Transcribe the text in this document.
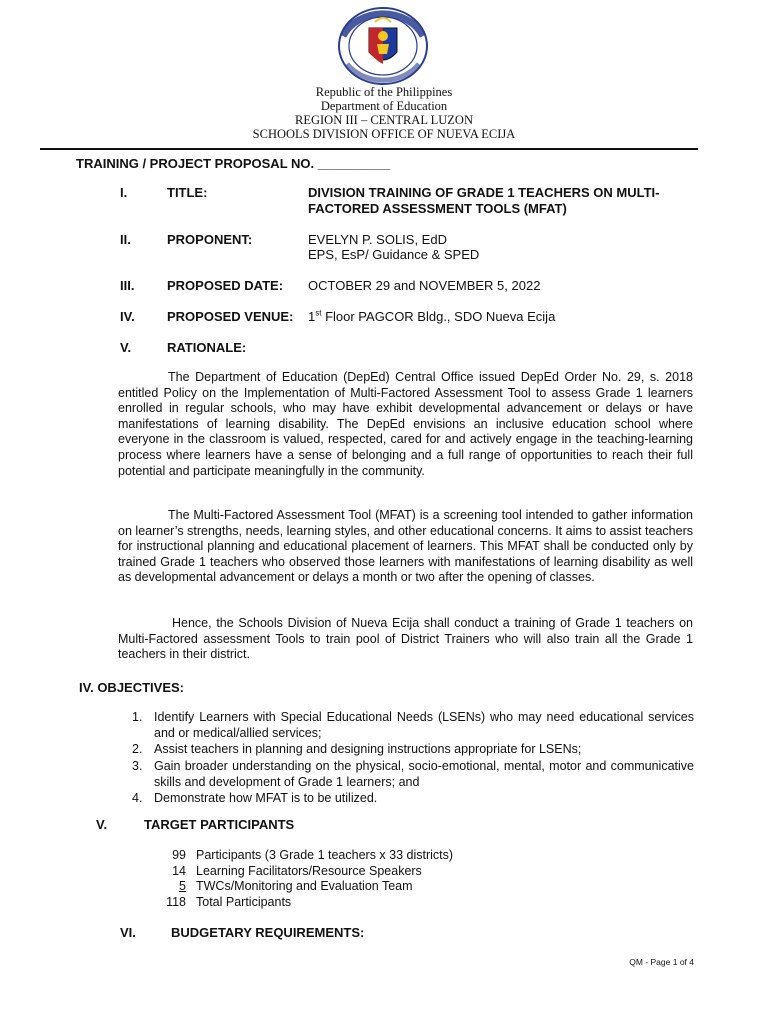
Republic of the Philippines
Department of Education
REGION III – CENTRAL LUZON
SCHOOLS DIVISION OFFICE OF NUEVA ECIJA
TRAINING / PROJECT PROPOSAL NO. __________
I.	TITLE:	DIVISION TRAINING OF GRADE 1 TEACHERS ON MULTI-
FACTORED ASSESSMENT TOOLS (MFAT)
II.	PROPONENT:	EVELYN P. SOLIS, EdD
EPS, EsP/ Guidance & SPED
III.	PROPOSED DATE: OCTOBER 29 and NOVEMBER 5, 2022
IV. PROPOSED VENUE: 1st Floor PAGCOR Bldg., SDO Nueva Ecija
V.	RATIONALE:
The Department of Education (DepEd) Central Office issued DepEd Order No. 29, s. 2018 entitled Policy on the Implementation of Multi-Factored Assessment Tool to assess Grade 1 learners enrolled in regular schools, who may have exhibit developmental advancement or delays or have manifestations of learning disability. The DepEd envisions an inclusive education school where everyone in the classroom is valued, respected, cared for and actively engage in the teaching-learning process where learners have a sense of belonging and a full range of opportunities to reach their full potential and participate meaningfully in the community.
The Multi-Factored Assessment Tool (MFAT) is a screening tool intended to gather information on learner’s strengths, needs, learning styles, and other educational concerns. It aims to assist teachers for instructional planning and educational placement of learners. This MFAT shall be conducted only by trained Grade 1 teachers who observed those learners with manifestations of learning disability as well as developmental advancement or delays a month or two after the opening of classes.
Hence, the Schools Division of Nueva Ecija shall conduct a training of Grade 1 teachers on Multi-Factored assessment Tools to train pool of District Trainers who will also train all the Grade 1 teachers in their district.
IV. OBJECTIVES:
1. Identify Learners with Special Educational Needs (LSENs) who may need educational services and or medical/allied services;
2. Assist teachers in planning and designing instructions appropriate for LSENs;
3. Gain broader understanding on the physical, socio-emotional, mental, motor and communicative skills and development of Grade 1 learners; and
4. Demonstrate how MFAT is to be utilized.
V.	TARGET PARTICIPANTS
99 Participants (3 Grade 1 teachers x 33 districts)
14 Learning Facilitators/Resource Speakers
5 TWCs/Monitoring and Evaluation Team
118 Total Participants
VI.	BUDGETARY REQUIREMENTS:
QM - Page 1 of 4
